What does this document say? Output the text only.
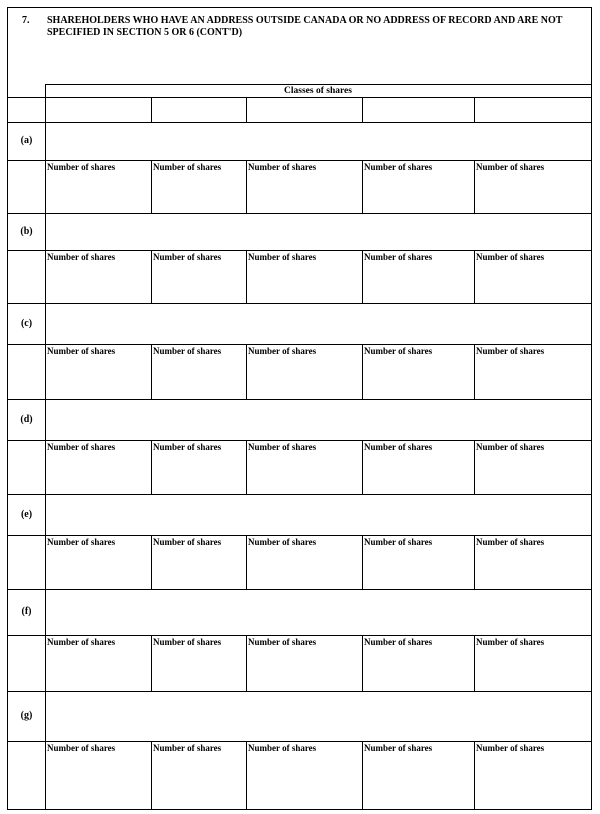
7. SHAREHOLDERS WHO HAVE AN ADDRESS OUTSIDE CANADA OR NO ADDRESS OF RECORD AND ARE NOT SPECIFIED IN SECTION 5 OR 6 (CONT'D)
Classes of shares
(a)
Number of shares	Number of shares	Number of shares	Number of shares	Number of shares
(b)
Number of shares	Number of shares	Number of shares	Number of shares	Number of shares
(c)
Number of shares	Number of shares	Number of shares	Number of shares	Number of shares
(d)
Number of shares	Number of shares	Number of shares	Number of shares	Number of shares
(e)
Number of shares	Number of shares	Number of shares	Number of shares	Number of shares
(f)
Number of shares	Number of shares	Number of shares	Number of shares	Number of shares
(g)
Number of shares	Number of shares	Number of shares	Number of shares	Number of shares
